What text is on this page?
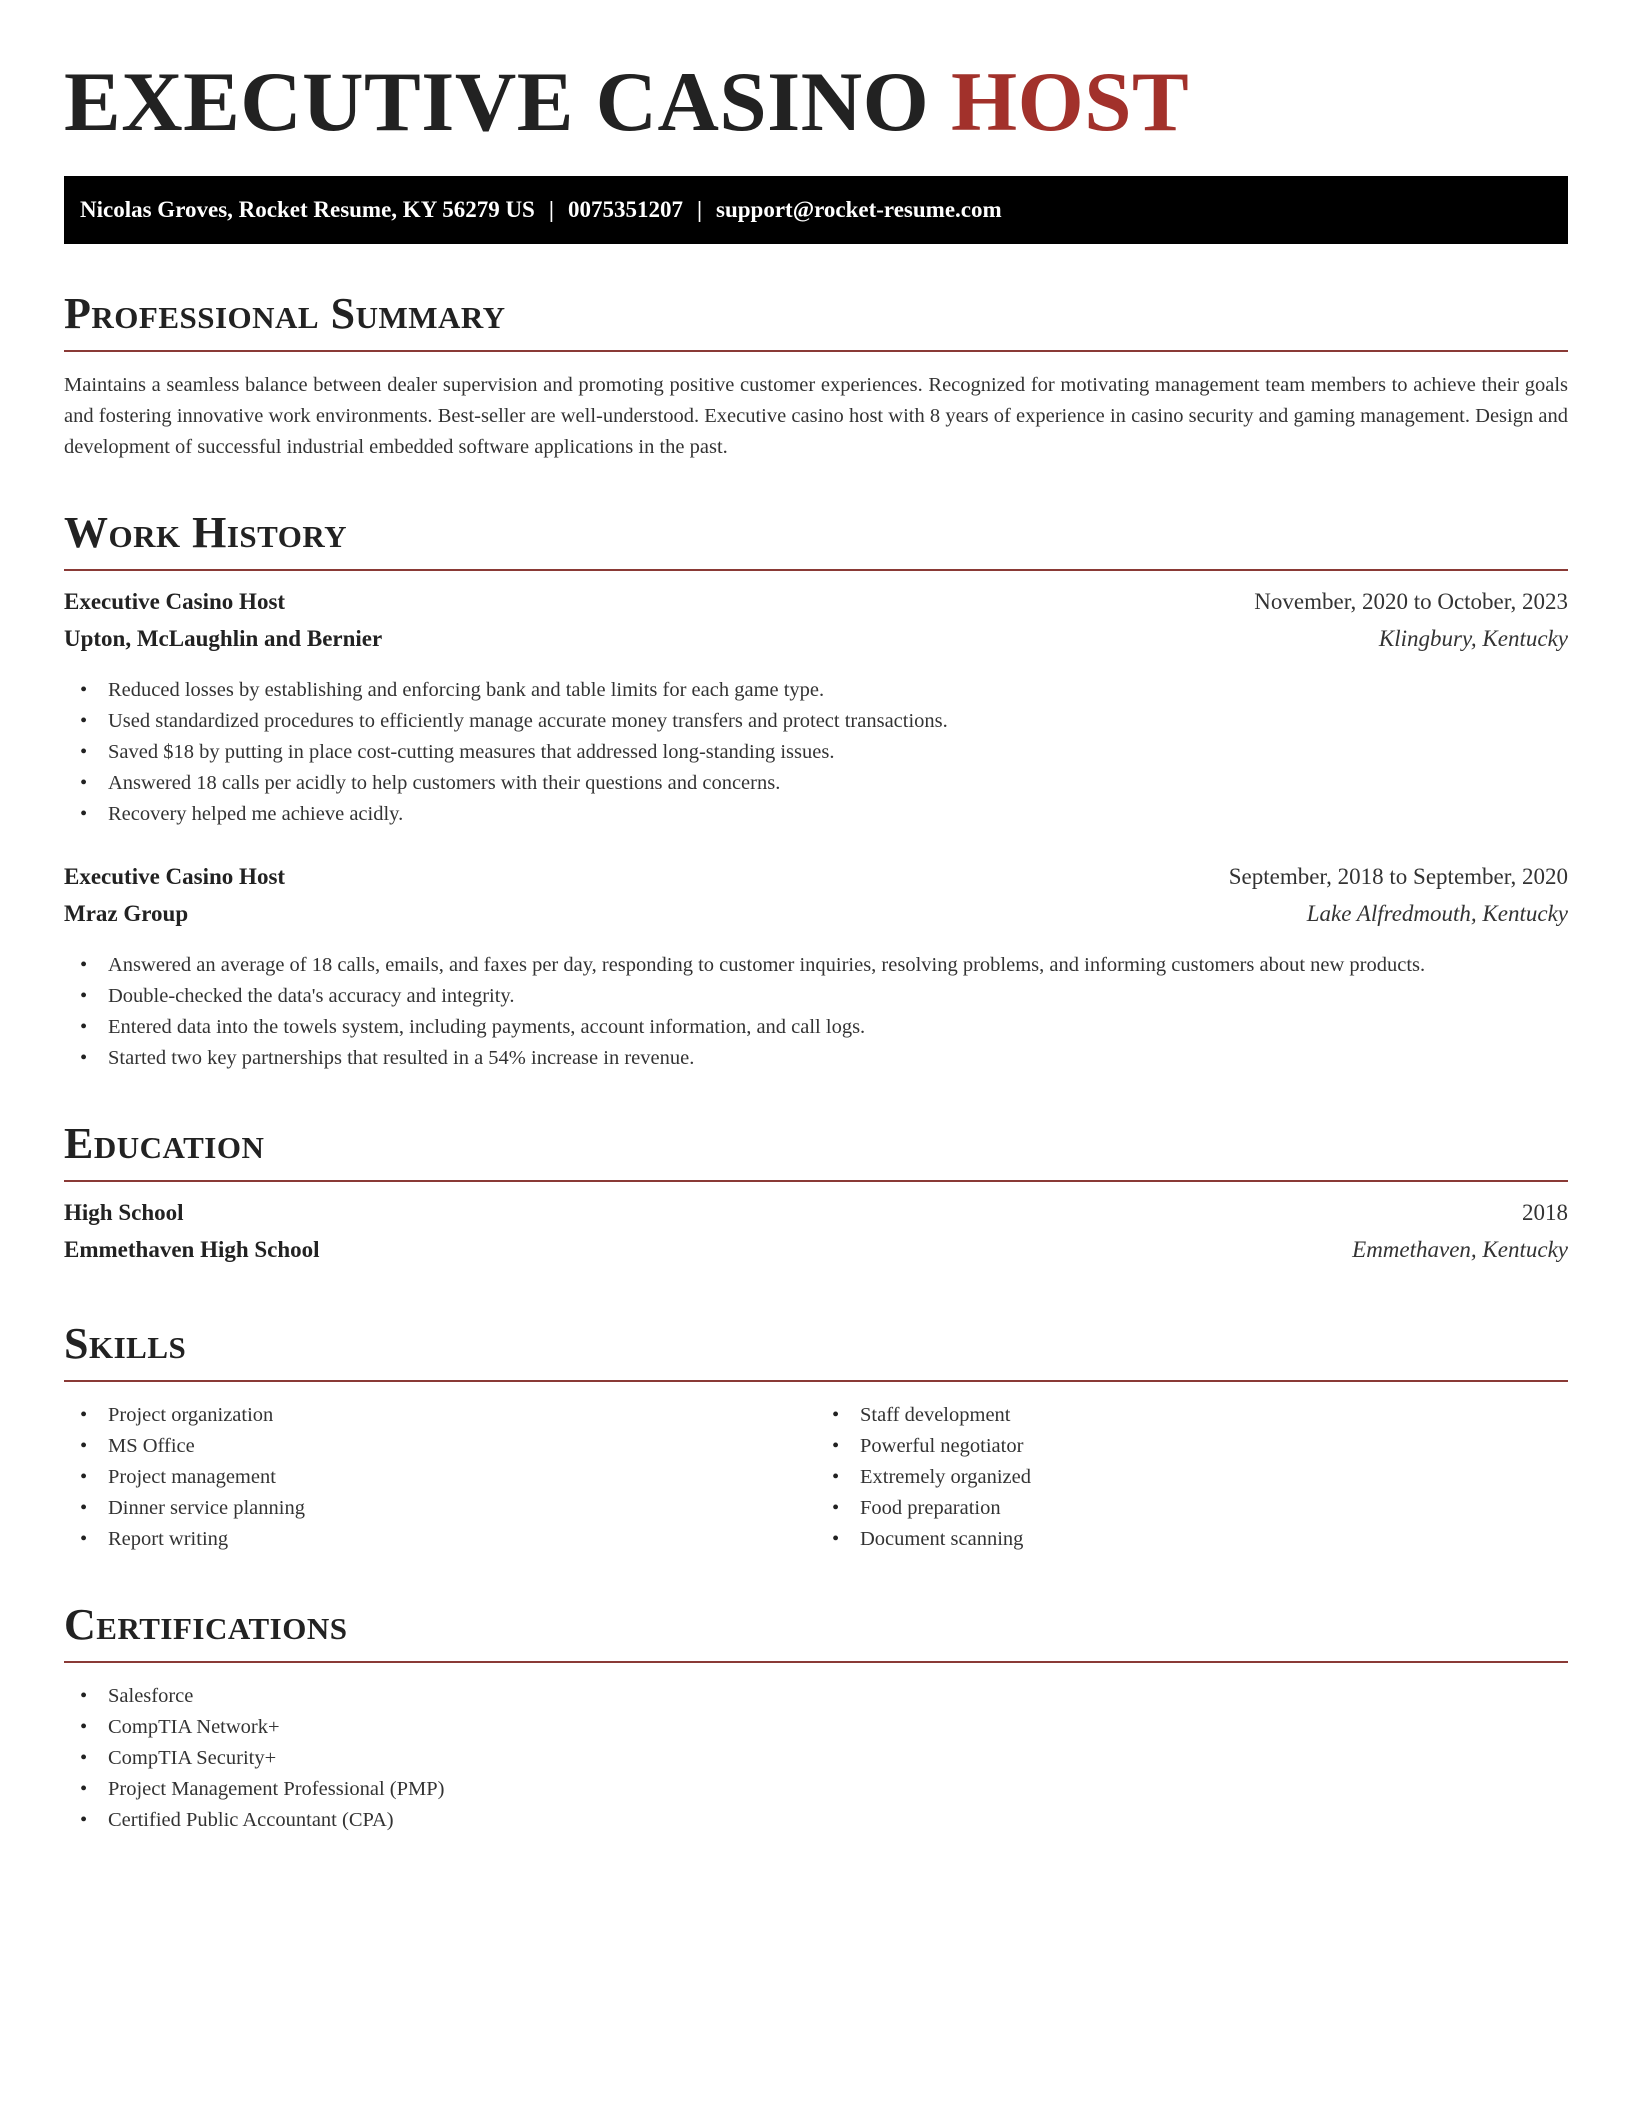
EXECUTIVE CASINO HOST
Nicolas Groves, Rocket Resume, KY 56279 US | 0075351207 | support@rocket-resume.com
Professional Summary

Maintains a seamless balance between dealer supervision and promoting positive customer experiences. Recognized for motivating management team members to achieve their goals and fostering innovative work environments. Best-seller are well-understood. Executive casino host with 8 years of experience in casino security and gaming management. Design and development of successful industrial embedded software applications in the past.

Work History
Executive Casino Host	November, 2020 to October, 2023
Upton, McLaughlin and Bernier	Klingbury, Kentucky
• Reduced losses by establishing and enforcing bank and table limits for each game type.
• Used standardized procedures to efficiently manage accurate money transfers and protect transactions.
• Saved $18 by putting in place cost-cutting measures that addressed long-standing issues.
• Answered 18 calls per acidly to help customers with their questions and concerns.
• Recovery helped me achieve acidly.
Executive Casino Host	September, 2018 to September, 2020
Mraz Group	Lake Alfredmouth, Kentucky
• Answered an average of 18 calls, emails, and faxes per day, responding to customer inquiries, resolving problems, and informing customers about new products.
• Double-checked the data's accuracy and integrity.
• Entered data into the towels system, including payments, account information, and call logs.
• Started two key partnerships that resulted in a 54% increase in revenue.
Education
High School	2018
Emmethaven High School	Emmethaven, Kentucky
Skills
• Project organization
• MS Office
• Project management
• Dinner service planning
• Report writing
• Staff development
• Powerful negotiator
• Extremely organized
• Food preparation
• Document scanning
Certifications
• Salesforce
• CompTIA Network+
• CompTIA Security+
• Project Management Professional (PMP)
• Certified Public Accountant (CPA)
